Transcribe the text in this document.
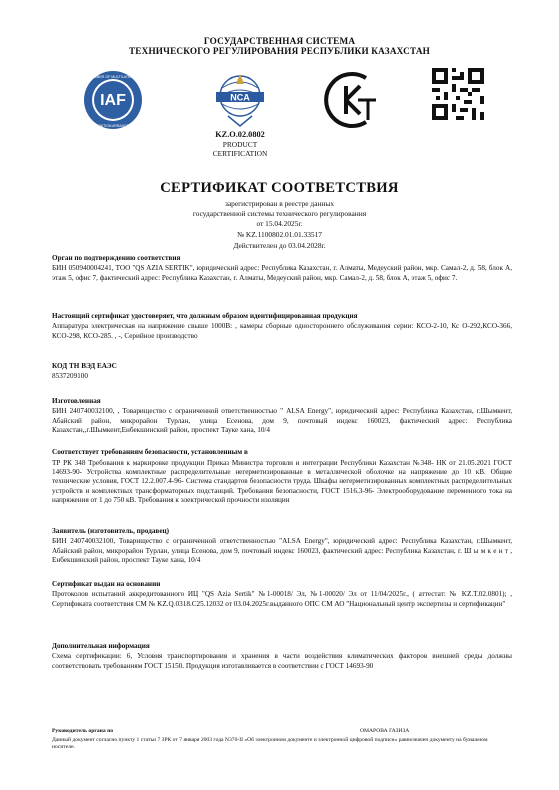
ГОСУДАРСТВЕННАЯ СИСТЕМА
ТЕХНИЧЕСКОГО РЕГУЛИРОВАНИЯ РЕСПУБЛИКИ КАЗАХСТАН
IAF
MEMBER OF MULTILATERAL
RECOGNITION ARRANGEMENT
NCA
KZ.O.02.0802
PRODUCT
CERTIFICATION
СЕРТИФИКАТ СООТВЕТСТВИЯ
зарегистрирован в реестре данных
государственной системы технического регулирования
от 15.04.2025г.
№ KZ.1100802.01.01.33517
Действителен до 03.04.2028г.
Орган по подтверждению соответствия
БИН 050940004241, ТОО "QS AZIA SERTIK", юридический адрес: Республика Казахстан, г. Алматы, Медеуский район, мкр. Самал-2, д. 58, блок А, этаж 5, офис 7, фактический адрес: Республика Казахстан, г. Алматы, Медеуский район, мкр. Самал-2, д. 58, блок А, этаж 5, офис 7.
Настоящий сертификат удостоверяет, что должным образом идентифицированная продукция
Аппаратура электрическая на напряжение свыше 1000В: , камеры сборные одностороннего обслуживания серии: КСО-2-10, Кс О-292,КСО-366, КСО-298, КСО-285. , -, Серийное производство
КОД ТН ВЭД ЕАЭС
8537209100
Изготовленная
БИН 240740032100, , Товарищество с ограниченной ответственностью " ALSA Energy", юридический адрес: Республика Казахстан, г.Шымкент, Абайский район, микрорайон Турлан, улица Есенова, дом 9, почтовый индекс 160023, фактический адрес: Республика Казахстан,,г.Шымкент,Енбекшинский район, проспект Тауке хана, 10/4
Соответствует требованиям безопасности, установленным в
ТР РК 348 Требования к маркировке продукции Приказ Министра торговли и интеграции Республики Казахстан №348- НК от 21.05.2021 ГОСТ 14693-90- Устройства комплектные распределительные негерметизированные в металлической оболочке на напряжение до 10 кВ. Общие технические условия, ГОСТ 12.2.007.4-96- Система стандартов безопасности труда. Шкафы негерметизированных комплектных распределительных устройств и комплектных трансформаторных подстанций. Требования безопасности, ГОСТ 1516.3-96- Электрооборудование переменного тока на напряжения от 1 до 750 кВ. Требования к электрической прочности изоляции
Заявитель (изготовитель, продавец)
БИН 240740032100, Товарищество с ограниченной ответственностью "ALSA Energy", юридический адрес: Республика Казахстан, г.Шымкент, Абайский район, микрорайон Турлан, улица Есенова, дом 9, почтовый индекс 160023, фактический адрес: Республика Казахстан, г. Ш ы м к е н т , Енбекшинский район, проспект Тауке хана, 10/4
Сертификат выдан на основании
Протоколов испытаний аккредитованного ИЦ "QS Azia Sertik" №1-00018/ Эл, №1-00020/ Эл от 11/04/2025г., ( аттестат: № KZ.T.02.0801); , Сертификата соответствия СМ № KZ.Q.0318.C25.12032 от 03.04.2025г.выданного ОПС СМ АО "Национальный центр экспертизы и сертификации"
Дополнительная информация
Схема сертификации: 6, Условия транспортирования и хранения в части воздействия климатических факторов внешней среды должны соответствовать требованиям ГОСТ 15150. Продукция изготавливается в соответствии с ГОСТ 14693-90
Руководитель органа по	ОМАРОВА ГАЗИЗА
Данный документ согласно пункту 1 статьи 7 ЗРК от 7 января 2003 года N370-II «Об электронном документе и электронной цифровой подписи» равнозначен документу на бумажном носителе.
